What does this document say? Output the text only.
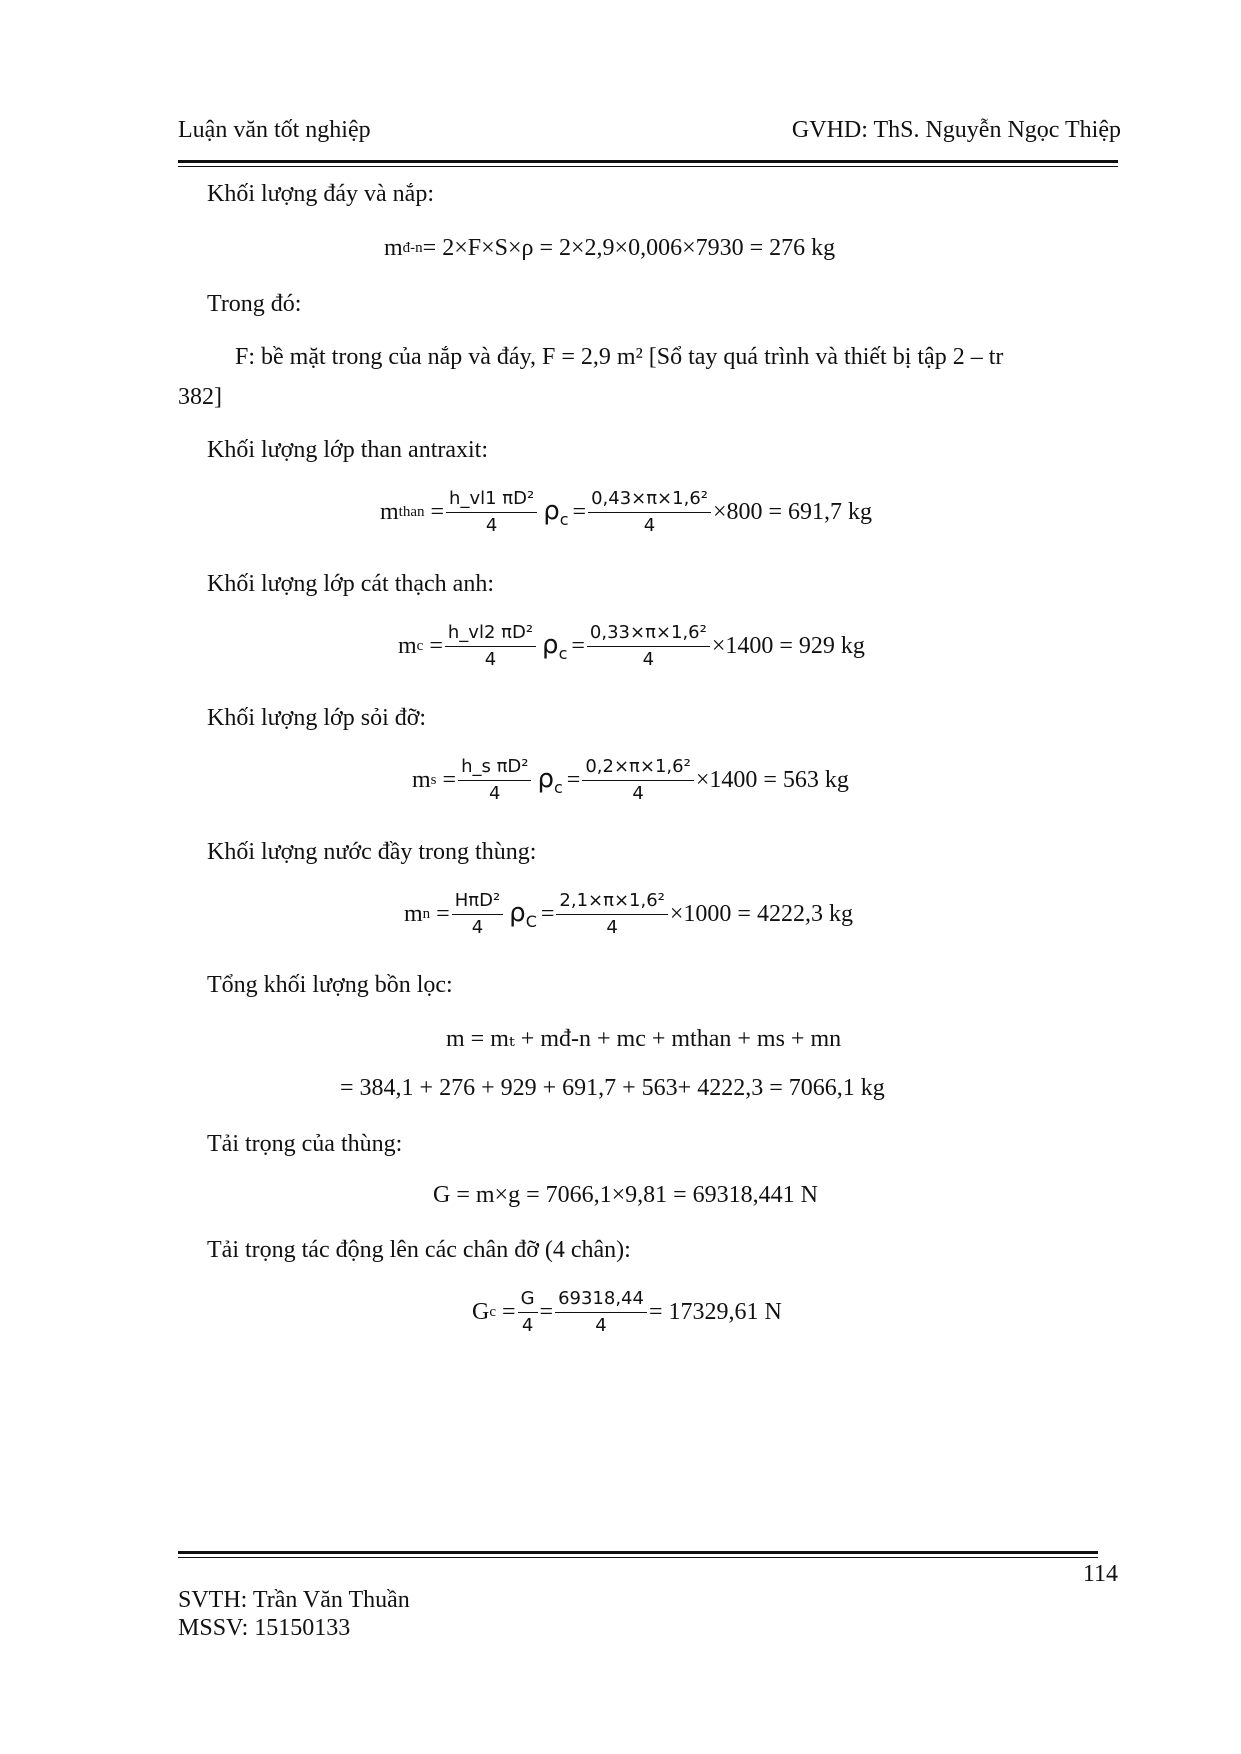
Luận văn tốt nghiệp	GVHD: ThS. Nguyễn Ngọc Thiệp
Khối lượng đáy và nắp:
m đ-n = 2×F×S×ρ = 2×2,9×0,006×7930 = 276 kg
Trong đó:
F: bề mặt trong của nắp và đáy, F = 2,9 m² [Sổ tay quá trình và thiết bị tập 2 – tr
382]
Khối lượng lớp than antraxit:
m than = $\frac{\text{h\_vl1 πD²}}{4} \rho_c = \frac{\text{0,43×π×1,6²}}{4} \times 800 = 691,7$ kg
Khối lượng lớp cát thạch anh:
m $c = \frac{\text{h\_vl2 πD²}}{4} \rho_c = \frac{\text{0,33×π×1,6²}}{4} \times 1400 = 929$ kg
Khối lượng lớp sỏi đỡ:
m $s = \frac{\text{h\_s πD²}}{4} \rho_c = \frac{\text{0,2×π×1,6²}}{4} \times 1400 = 563$ kg
Khối lượng nước đầy trong thùng:
m $n = \frac{\text{HπD²}}{4} \rho_C = \frac{\text{2,1×π×1,6²}}{4} \times 1000 = 4222,3$ kg
Tổng khối lượng bồn lọc:
m = mₜ + mđ-n + mc + mthan + ms + mn
= 384,1 + 276 + 929 + 691,7 + 563+ 4222,3 = 7066,1 kg
Tải trọng của thùng:
G = m×g = 7066,1×9,81 = 69318,441 N
Tải trọng tác động lên các chân đỡ (4 chân):
G $c = \frac{G}{4} = \frac{69318,44}{4} = 17329,61$ N
114
SVTH: Trần Văn Thuần
MSSV: 15150133
